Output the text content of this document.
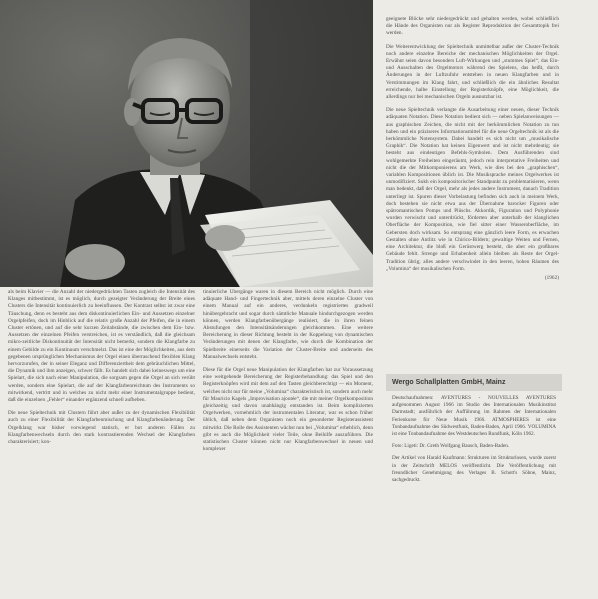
geeignete Blöcke sehr niedergedrückt und gehalten werden, wobei schließlich die Hände des Organisten nur als Register Reproduktion der Gesamttopik frei werden.

Die Weiterentwicklung der Spieltechnik unmittelbar außer der Cluster-Technik noch andere einzelne Bereiche der mechanischen Möglichkeiten der Orgel. Erwähnt seien davon besonders Luft-Wirkungen und „stummes Spiel“, das Ein- und Ausschalten des Orgelmotors während des Spielens, das heißt, durch Änderungen in der Luftzufuhr entstehen in neuen Klangfarben und in Verstimmungen im Klang fahrt, und schließlich die ein ähnliches Resultat erreichende, halbe Einstellung der Registerknöpfe, eine Möglichkeit, die allerdings nur bei mechanischen Orgeln ausnutzbar ist.

Die neue Spieltechnik verlangte die Ausarbeitung einer neuen, dieser Technik adäquaten Notation. Diese Notation bedient sich — neben Spielanweisungen — aus graphischen Zeichen, die nicht mit der herkömmlichen Notation zu tun haben und ein präziseres Informationsmittel für die neue Orgeltechnik ist als die herkömmliche Notensystem. Dabei handelt es sich nicht um „musikalische Graphik“. Die Notation hat keinen Eigenwert und ist nicht mehrdeutig; sie besteht aus eindeutigen Befehls-Symbolen. Dem Ausführenden sind wohlgemerkte Freiheiten eingeräumt, jedoch rein interpretative Freiheiten und nicht die der Mitkomponierens am Werk, wie dies bei den „graphischen“, variablen Kompositionen üblich ist. Die Musiksprache meines Orgelwerkes ist unmodifiziert. Sukh ein kompositorischer Standpunkt zu problematisieren, wenn man bedenkt, daß der Orgel, mehr als jedes andere Instrument, danach Tradition unterliegt ist. Spuren dieser Vorbelastung befinden sich auch in meinem Werk, doch bestehen sie nicht etwa aus der Übernahme barocker Figuren oder spätromantischen Pomps und Plüschs. Akkordik, Figuration und Polyphonie wurden verwischt und unterdrückt, förderten aber unterhalb der klanglichen Oberfläche der Komposition, wie fiel sitter einer Wasseroberfläche, im Gebersten doch wirksam. So entsprang eine gänzlich leere Form, es erwachen Gestalten ohne Antlitz wie in Chirico-Bildern; gewaltige Weiten und Fernen, eine Architektur, die bloß ein Gerüstwerg besteht, die aber ein großbares Gebäude fehlt. Strenge und Erhabenheit allein bleiben als Reste der Orgel-Tradition übrig; alles andere verschwindet in den leeren, hohen Räumen des „Volumina“ der musikalischen Form.

(1962)

als beim Klavier — die Anzahl der niedergedrückten Tasten zugleich die Intensität des Klanges mitbestimmt, ist es möglich, durch gezeigter Veränderung der Breite eines Clusters die Intensität kontinuierlich zu beeinflussen. Der Kontrast selbst ist zwar eine Täuschung, denn es besteht aus dem diskontinuierlichen Ein- und Aussetzen einzelner Orgelpfeifen, doch im Hinblick auf die relativ große Anzahl der Pfeifen, die in einem Cluster ertönen, und auf die sehr kurzen Zeitabstände, die zwischen dem Ein- bzw. Aussetzen der einzelnen Pfeifen verstreichen, ist es verständlich, daß die gleichsam mikro-zeitliche Diskontinuität der Intensität nicht bemerkt, sondern die Klangfarbe zu einem Gebilde zu ein Kontinuum verschmelzt. Das ist eine der Möglichkeiten, aus dem gegebenen ursprünglichen Mechanismus der Orgel einen überraschend flexiblen Klang hervorzurufen, der in seiner Eleganz und Differenziertheit dem gebräuchlichen Mittel, die Dynamik und ihm anzeigen, schwer fällt. Es handelt sich dabei keineswegs um eine Spielart, die sich nach einer Manipulation, die sorgsam gegen die Orgel an sich verübt werden, sondern eine Spielart, die auf der Klangfarbenreichtum des Instruments so mitwirkend, vertritt und in welches zu nicht mehr einer Instrumentalgruppe bedient, daß die einzelnen „Fehler“ einander ergänzend schnell aufheben.

Die neue Spieltechnik mit Clustern führt aber außer zu der dynamischen Flexibilität auch zu einer Flexibilität der Klangfarbenmischung und Klangfarbenänderung. Der Orgelklang war bisher vorwiegend statisch, er bot anderen Fällen zu Klangfarbenwechseln durch den stark kontrastierenden Wechsel der Klangfarben charakterisiert; kon-

tinuierliche Übergänge waren in diesem Bereich nicht möglich. Durch eine adäquate Hand- und Fingertechnik aber, mittels deren einzelne Cluster von einem Manual auf ein anderes, verdunkeln registriertes gradweil hinübergebracht und sogar durch sämtliche Manuale hindurchgezogen werden können, werden Klangfarbenübergänge realisiert, die in ihren feinen Abstufungen den Intensitätsänderungen gleichkommen. Eine weitere Bereicherung in dieser Richtung besteht in der Koppelung von dynamischen Veränderungen mit denen der Klangfarbe, wie durch die Kombination der Spielbreite einerseits die Variation der Cluster-Breite und anderseits des Manualwechsels entsteht.

Diese für die Orgel neue Manipulation der Klangfarben hat zur Voraussetzung eine weitgehende Bereicherung der Registerbehandlung: das Spiel und den Registerknöpfen wird mit dem auf den Tasten gleichberechtigt — ein Moment, welches nicht nur für meine „Volumina“ charakteristisch ist, sondern auch mehr für Mauricio Kagels „Improvisation ajoutée“, die mit meiner Orgelkomposition gleichzeitig und davon unabhängig entstanden ist. Beim komplizierten Orgelwerken, vornehmlich der instrumentalen Literatur, war es schon früher üblich, daß neben dem Organisten noch ein gesonderter Registerassistent mitwirkt. Die Rolle des Assistenten wächst nun bei „Volumina“ erheblich, denn gibt es auch die Möglichkeit vieler Teile, ohne Beihilfe auszuführen. Die statistischen Cluster können nicht nur Klangfarbenwechsel in neuen und komplexer

Wergo Schallplatten GmbH, Mainz

Deutschaufnahmen: AVENTURES - NOUVELLES AVENTURES aufgenommen August 1966 im Studio des Internationalen Musikinstitut Darmstadt; ausführlich der Aufführung im Rahmen der Internationalen Ferienkurse für Neue Musik 1966. ATMOSPHERES ist eine Tonbandaufnahme des Südwestfunk, Baden-Baden, April 1966. VOLUMINA ist eine Tonbandaufnahme des Westdeutschen Rundfunk, Köln 1962.

Foto: Ligeti: Dr. Greth Wolfgang Bausch, Baden-Baden.

Der Artikel von Harald Kaufmann: Strukturen im Strukturlosen, wurde zuerst in der Zeitschrift MELOS veröffentlicht. Die Veröffentlichung mit freundlicher Genehmigung des Verlages B. Schott's Söhne, Mainz, sachgedruckt.
